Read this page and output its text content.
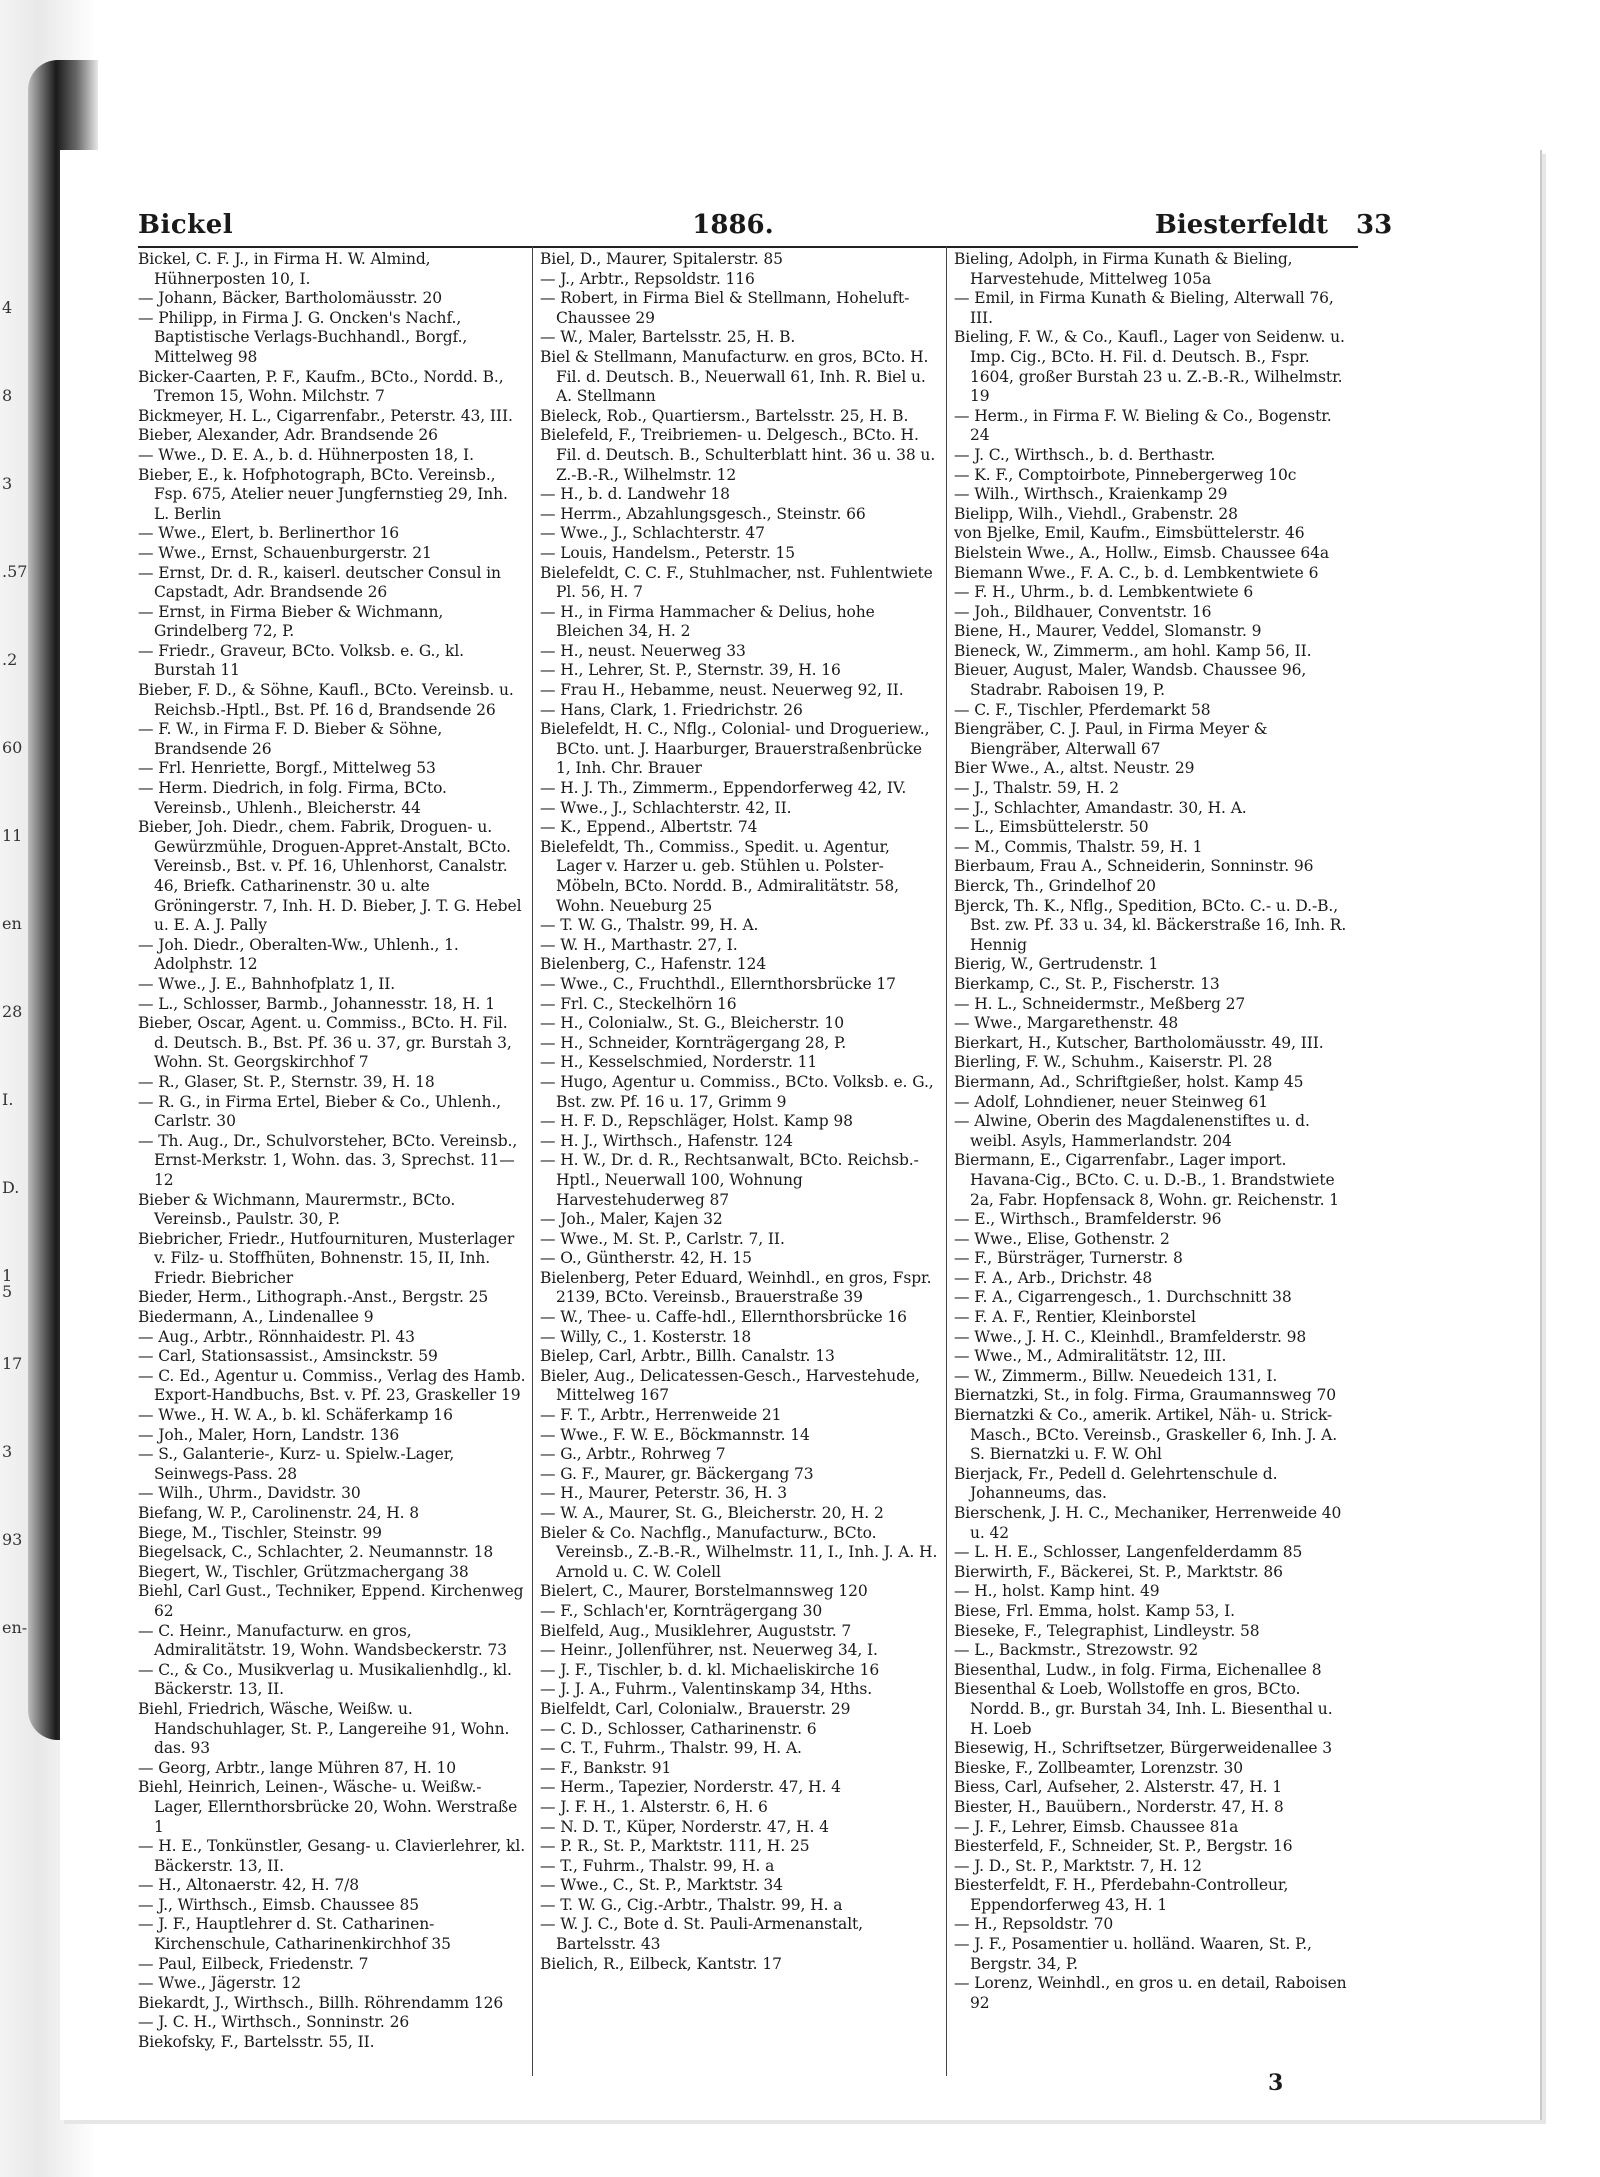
4
8
3
.57
.2
60
11
en
28
I.
D.
1 5
17
3
93
en-
Bickel	1886.	Biesterfeldt 33

Bickel, C. F. J., in Firma H. W. Almind, Hühnerposten 10, I.

— Johann, Bäcker, Bartholomäusstr. 20

— Philipp, in Firma J. G. Oncken's Nachf., Baptistische Verlags-Buchhandl., Borgf., Mittelweg 98

Bicker-Caarten, P. F., Kaufm., BCto., Nordd. B., Tremon 15, Wohn. Milchstr. 7

Bickmeyer, H. L., Cigarrenfabr., Peterstr. 43, III.

Bieber, Alexander, Adr. Brandsende 26

— Wwe., D. E. A., b. d. Hühnerposten 18, I.

Bieber, E., k. Hofphotograph, BCto. Vereinsb., Fsp. 675, Atelier neuer Jungfernstieg 29, Inh. L. Berlin

— Wwe., Elert, b. Berlinerthor 16

— Wwe., Ernst, Schauenburgerstr. 21

— Ernst, Dr. d. R., kaiserl. deutscher Consul in Capstadt, Adr. Brandsende 26

— Ernst, in Firma Bieber & Wichmann, Grindelberg 72, P.

— Friedr., Graveur, BCto. Volksb. e. G., kl. Burstah 11

Bieber, F. D., & Söhne, Kaufl., BCto. Vereinsb. u. Reichsb.-Hptl., Bst. Pf. 16 d, Brandsende 26

— F. W., in Firma F. D. Bieber & Söhne, Brandsende 26

— Frl. Henriette, Borgf., Mittelweg 53

— Herm. Diedrich, in folg. Firma, BCto. Vereinsb., Uhlenh., Bleicherstr. 44

Bieber, Joh. Diedr., chem. Fabrik, Droguen- u. Gewürzmühle, Droguen-Appret-Anstalt, BCto. Vereinsb., Bst. v. Pf. 16, Uhlenhorst, Canalstr. 46, Briefk. Catharinenstr. 30 u. alte Gröningerstr. 7, Inh. H. D. Bieber, J. T. G. Hebel u. E. A. J. Pally

— Joh. Diedr., Oberalten-Ww., Uhlenh., 1. Adolphstr. 12

— Wwe., J. E., Bahnhofplatz 1, II.

— L., Schlosser, Barmb., Johannesstr. 18, H. 1

Bieber, Oscar, Agent. u. Commiss., BCto. H. Fil. d. Deutsch. B., Bst. Pf. 36 u. 37, gr. Burstah 3, Wohn. St. Georgskirchhof 7

— R., Glaser, St. P., Sternstr. 39, H. 18

— R. G., in Firma Ertel, Bieber & Co., Uhlenh., Carlstr. 30

— Th. Aug., Dr., Schulvorsteher, BCto. Vereinsb., Ernst-Merkstr. 1, Wohn. das. 3, Sprechst. 11—12

Bieber & Wichmann, Maurermstr., BCto. Vereinsb., Paulstr. 30, P.

Biebricher, Friedr., Hutfournituren, Musterlager v. Filz- u. Stoffhüten, Bohnenstr. 15, II, Inh. Friedr. Biebricher

Bieder, Herm., Lithograph.-Anst., Bergstr. 25

Biedermann, A., Lindenallee 9

— Aug., Arbtr., Rönnhaidestr. Pl. 43

— Carl, Stationsassist., Amsinckstr. 59

— C. Ed., Agentur u. Commiss., Verlag des Hamb. Export-Handbuchs, Bst. v. Pf. 23, Graskeller 19

— Wwe., H. W. A., b. kl. Schäferkamp 16

— Joh., Maler, Horn, Landstr. 136

— S., Galanterie-, Kurz- u. Spielw.-Lager, Seinwegs-Pass. 28

— Wilh., Uhrm., Davidstr. 30

Biefang, W. P., Carolinenstr. 24, H. 8

Biege, M., Tischler, Steinstr. 99

Biegelsack, C., Schlachter, 2. Neumannstr. 18

Biegert, W., Tischler, Grützmachergang 38

Biehl, Carl Gust., Techniker, Eppend. Kirchenweg 62

— C. Heinr., Manufacturw. en gros, Admiralitätstr. 19, Wohn. Wandsbeckerstr. 73

— C., & Co., Musikverlag u. Musikalienhdlg., kl. Bäckerstr. 13, II.

Biehl, Friedrich, Wäsche, Weißw. u. Handschuhlager, St. P., Langereihe 91, Wohn. das. 93

— Georg, Arbtr., lange Mühren 87, H. 10

Biehl, Heinrich, Leinen-, Wäsche- u. Weißw.-Lager, Ellernthorsbrücke 20, Wohn. Werstraße 1

— H. E., Tonkünstler, Gesang- u. Clavierlehrer, kl. Bäckerstr. 13, II.

— H., Altonaerstr. 42, H. 7/8

— J., Wirthsch., Eimsb. Chaussee 85

— J. F., Hauptlehrer d. St. Catharinen-Kirchenschule, Catharinenkirchhof 35

— Paul, Eilbeck, Friedenstr. 7

— Wwe., Jägerstr. 12

Biekardt, J., Wirthsch., Billh. Röhrendamm 126

— J. C. H., Wirthsch., Sonninstr. 26

Biekofsky, F., Bartelsstr. 55, II.

Biel, D., Maurer, Spitalerstr. 85

— J., Arbtr., Repsoldstr. 116

— Robert, in Firma Biel & Stellmann, Hoheluft-Chaussee 29

— W., Maler, Bartelsstr. 25, H. B.

Biel & Stellmann, Manufacturw. en gros, BCto. H. Fil. d. Deutsch. B., Neuerwall 61, Inh. R. Biel u. A. Stellmann

Bieleck, Rob., Quartiersm., Bartelsstr. 25, H. B.

Bielefeld, F., Treibriemen- u. Delgesch., BCto. H. Fil. d. Deutsch. B., Schulterblatt hint. 36 u. 38 u. Z.-B.-R., Wilhelmstr. 12

— H., b. d. Landwehr 18

— Herrm., Abzahlungsgesch., Steinstr. 66

— Wwe., J., Schlachterstr. 47

— Louis, Handelsm., Peterstr. 15

Bielefeldt, C. C. F., Stuhlmacher, nst. Fuhlentwiete Pl. 56, H. 7

— H., in Firma Hammacher & Delius, hohe Bleichen 34, H. 2

— H., neust. Neuerweg 33

— H., Lehrer, St. P., Sternstr. 39, H. 16

— Frau H., Hebamme, neust. Neuerweg 92, II.

— Hans, Clark, 1. Friedrichstr. 26

Bielefeldt, H. C., Nflg., Colonial- und Drogueriew., BCto. unt. J. Haarburger, Brauerstraßenbrücke 1, Inh. Chr. Brauer

— H. J. Th., Zimmerm., Eppendorferweg 42, IV.

— Wwe., J., Schlachterstr. 42, II.

— K., Eppend., Albertstr. 74

Bielefeldt, Th., Commiss., Spedit. u. Agentur, Lager v. Harzer u. geb. Stühlen u. Polster-Möbeln, BCto. Nordd. B., Admiralitätstr. 58, Wohn. Neueburg 25

— T. W. G., Thalstr. 99, H. A.

— W. H., Marthastr. 27, I.

Bielenberg, C., Hafenstr. 124

— Wwe., C., Fruchthdl., Ellernthorsbrücke 17

— Frl. C., Steckelhörn 16

— H., Colonialw., St. G., Bleicherstr. 10

— H., Schneider, Kornträgergang 28, P.

— H., Kesselschmied, Norderstr. 11

— Hugo, Agentur u. Commiss., BCto. Volksb. e. G., Bst. zw. Pf. 16 u. 17, Grimm 9

— H. F. D., Repschläger, Holst. Kamp 98

— H. J., Wirthsch., Hafenstr. 124

— H. W., Dr. d. R., Rechtsanwalt, BCto. Reichsb.-Hptl., Neuerwall 100, Wohnung Harvestehuderweg 87

— Joh., Maler, Kajen 32

— Wwe., M. St. P., Carlstr. 7, II.

— O., Güntherstr. 42, H. 15

Bielenberg, Peter Eduard, Weinhdl., en gros, Fspr. 2139, BCto. Vereinsb., Brauerstraße 39

— W., Thee- u. Caffe-hdl., Ellernthorsbrücke 16

— Willy, C., 1. Kosterstr. 18

Bielep, Carl, Arbtr., Billh. Canalstr. 13

Bieler, Aug., Delicatessen-Gesch., Harvestehude, Mittelweg 167

— F. T., Arbtr., Herrenweide 21

— Wwe., F. W. E., Böckmannstr. 14

— G., Arbtr., Rohrweg 7

— G. F., Maurer, gr. Bäckergang 73

— H., Maurer, Peterstr. 36, H. 3

— W. A., Maurer, St. G., Bleicherstr. 20, H. 2

Bieler & Co. Nachflg., Manufacturw., BCto. Vereinsb., Z.-B.-R., Wilhelmstr. 11, I., Inh. J. A. H. Arnold u. C. W. Colell

Bielert, C., Maurer, Borstelmannsweg 120

— F., Schlach'er, Kornträgergang 30

Bielfeld, Aug., Musiklehrer, Auguststr. 7

— Heinr., Jollenführer, nst. Neuerweg 34, I.

— J. F., Tischler, b. d. kl. Michaeliskirche 16

— J. J. A., Fuhrm., Valentinskamp 34, Hths.

Bielfeldt, Carl, Colonialw., Brauerstr. 29

— C. D., Schlosser, Catharinenstr. 6

— C. T., Fuhrm., Thalstr. 99, H. A.

— F., Bankstr. 91

— Herm., Tapezier, Norderstr. 47, H. 4

— J. F. H., 1. Alsterstr. 6, H. 6

— N. D. T., Küper, Norderstr. 47, H. 4

— P. R., St. P., Marktstr. 111, H. 25

— T., Fuhrm., Thalstr. 99, H. a

— Wwe., C., St. P., Marktstr. 34

— T. W. G., Cig.-Arbtr., Thalstr. 99, H. a

— W. J. C., Bote d. St. Pauli-Armenanstalt, Bartelsstr. 43

Bielich, R., Eilbeck, Kantstr. 17

Bieling, Adolph, in Firma Kunath & Bieling, Harvestehude, Mittelweg 105a

— Emil, in Firma Kunath & Bieling, Alterwall 76, III.

Bieling, F. W., & Co., Kaufl., Lager von Seidenw. u. Imp. Cig., BCto. H. Fil. d. Deutsch. B., Fspr. 1604, großer Burstah 23 u. Z.-B.-R., Wilhelmstr. 19

— Herm., in Firma F. W. Bieling & Co., Bogenstr. 24

— J. C., Wirthsch., b. d. Berthastr.

— K. F., Comptoirbote, Pinnebergerweg 10c

— Wilh., Wirthsch., Kraienkamp 29

Bielipp, Wilh., Viehdl., Grabenstr. 28

von Bjelke, Emil, Kaufm., Eimsbüttelerstr. 46

Bielstein Wwe., A., Hollw., Eimsb. Chaussee 64a

Biemann Wwe., F. A. C., b. d. Lembkentwiete 6

— F. H., Uhrm., b. d. Lembkentwiete 6

— Joh., Bildhauer, Conventstr. 16

Biene, H., Maurer, Veddel, Slomanstr. 9

Bieneck, W., Zimmerm., am hohl. Kamp 56, II.

Bieuer, August, Maler, Wandsb. Chaussee 96, Stadrabr. Raboisen 19, P.

— C. F., Tischler, Pferdemarkt 58

Biengräber, C. J. Paul, in Firma Meyer & Biengräber, Alterwall 67

Bier Wwe., A., altst. Neustr. 29

— J., Thalstr. 59, H. 2

— J., Schlachter, Amandastr. 30, H. A.

— L., Eimsbüttelerstr. 50

— M., Commis, Thalstr. 59, H. 1

Bierbaum, Frau A., Schneiderin, Sonninstr. 96

Bierck, Th., Grindelhof 20

Bjerck, Th. K., Nflg., Spedition, BCto. C.- u. D.-B., Bst. zw. Pf. 33 u. 34, kl. Bäckerstraße 16, Inh. R. Hennig

Bierig, W., Gertrudenstr. 1

Bierkamp, C., St. P., Fischerstr. 13

— H. L., Schneidermstr., Meßberg 27

— Wwe., Margarethenstr. 48

Bierkart, H., Kutscher, Bartholomäusstr. 49, III.

Bierling, F. W., Schuhm., Kaiserstr. Pl. 28

Biermann, Ad., Schriftgießer, holst. Kamp 45

— Adolf, Lohndiener, neuer Steinweg 61

— Alwine, Oberin des Magdalenenstiftes u. d. weibl. Asyls, Hammerlandstr. 204

Biermann, E., Cigarrenfabr., Lager import. Havana-Cig., BCto. C. u. D.-B., 1. Brandstwiete 2a, Fabr. Hopfensack 8, Wohn. gr. Reichenstr. 1

— E., Wirthsch., Bramfelderstr. 96

— Wwe., Elise, Gothenstr. 2

— F., Bürsträger, Turnerstr. 8

— F. A., Arb., Drichstr. 48

— F. A., Cigarrengesch., 1. Durchschnitt 38

— F. A. F., Rentier, Kleinborstel

— Wwe., J. H. C., Kleinhdl., Bramfelderstr. 98

— Wwe., M., Admiralitätstr. 12, III.

— W., Zimmerm., Billw. Neuedeich 131, I.

Biernatzki, St., in folg. Firma, Graumannsweg 70

Biernatzki & Co., amerik. Artikel, Näh- u. Strick-Masch., BCto. Vereinsb., Graskeller 6, Inh. J. A. S. Biernatzki u. F. W. Ohl

Bierjack, Fr., Pedell d. Gelehrtenschule d. Johanneums, das.

Bierschenk, J. H. C., Mechaniker, Herrenweide 40 u. 42

— L. H. E., Schlosser, Langenfelderdamm 85

Bierwirth, F., Bäckerei, St. P., Marktstr. 86

— H., holst. Kamp hint. 49

Biese, Frl. Emma, holst. Kamp 53, I.

Bieseke, F., Telegraphist, Lindleystr. 58

— L., Backmstr., Strezowstr. 92

Biesenthal, Ludw., in folg. Firma, Eichenallee 8

Biesenthal & Loeb, Wollstoffe en gros, BCto. Nordd. B., gr. Burstah 34, Inh. L. Biesenthal u. H. Loeb

Biesewig, H., Schriftsetzer, Bürgerweidenallee 3

Bieske, F., Zollbeamter, Lorenzstr. 30

Biess, Carl, Aufseher, 2. Alsterstr. 47, H. 1

Biester, H., Bauübern., Norderstr. 47, H. 8

— J. F., Lehrer, Eimsb. Chaussee 81a

Biesterfeld, F., Schneider, St. P., Bergstr. 16

— J. D., St. P., Marktstr. 7, H. 12

Biesterfeldt, F. H., Pferdebahn-Controlleur, Eppendorferweg 43, H. 1

— H., Repsoldstr. 70

— J. F., Posamentier u. holländ. Waaren, St. P., Bergstr. 34, P.

— Lorenz, Weinhdl., en gros u. en detail, Raboisen 92

3
